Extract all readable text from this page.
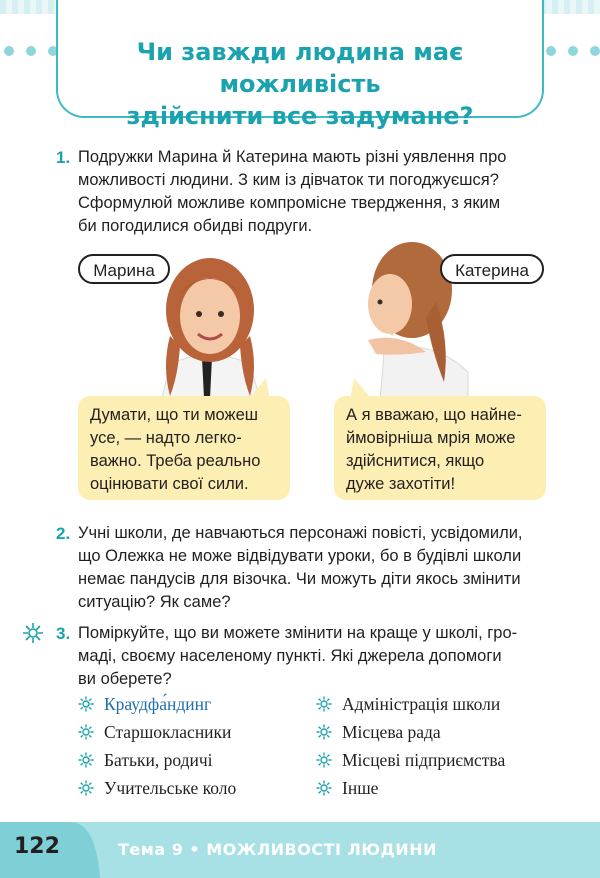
Чи завжди людина має можливість
здійснити все задумане?
1. Подружки Марина й Катерина мають різні уявлення про
можливості людини. З ким із дівчаток ти погоджуєшся?
Сформулюй можливе компромісне твердження, з яким
би погодилися обидві подруги.
Марина
Думати, що ти можеш
усе, — надто легко-
важно. Треба реально
оцінювати свої сили.
Катерина
А я вважаю, що найне-
ймовірніша мрія може
здійснитися, якщо
дуже захотіти!
2. Учні школи, де навчаються персонажі повісті, усвідомили,
що Олежка не може відвідувати уроки, бо в будівлі школи
немає пандусів для візочка. Чи можуть діти якось змінити
ситуацію? Як саме?
3. Поміркуйте, що ви можете змінити на краще у школі, гро-
маді, своєму населеному пункті. Які джерела допомоги
ви оберете?
Краудфа́ндинг
Старшокласники
Батьки, родичі
Учительське коло
Адміністрація школи
Місцева рада
Місцеві підприємства
Інше
122	Тема 9 • МОЖЛИВОСТІ ЛЮДИНИ
